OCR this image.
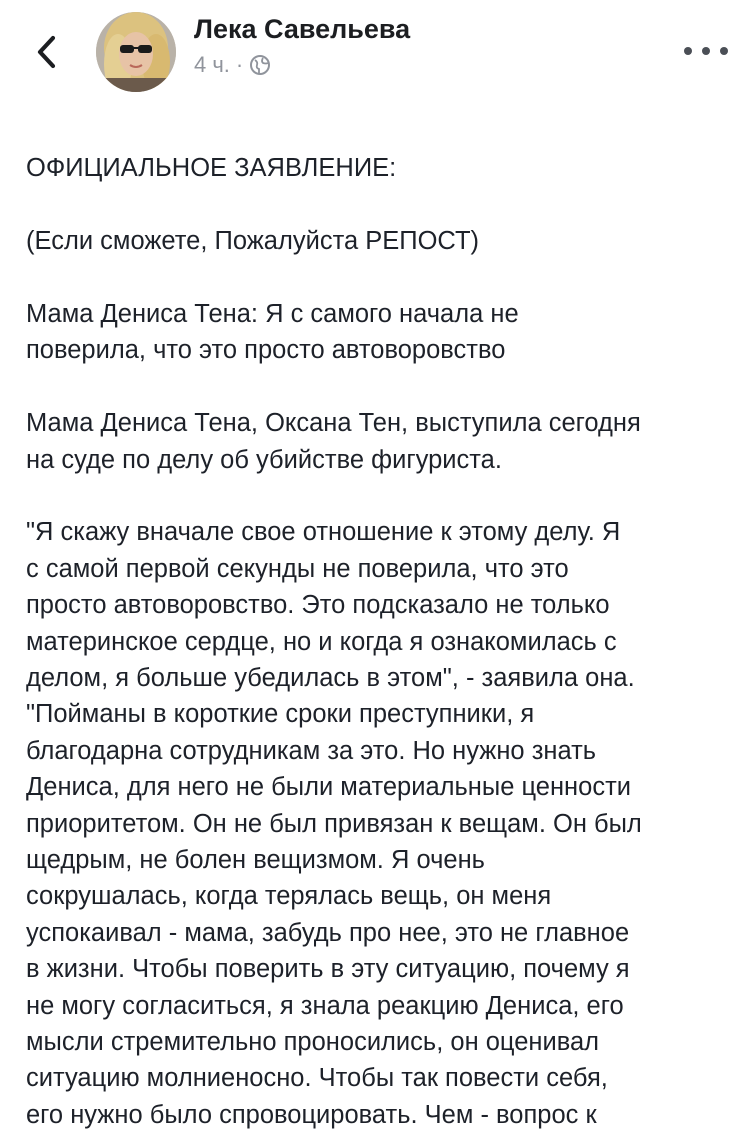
Лека Савельева
4 ч. ·

ОФИЦИАЛЬНОЕ ЗАЯВЛЕНИЕ:

(Если сможете, Пожалуйста РЕПОСТ)

Мама Дениса Тена: Я с самого начала не
поверила, что это просто автоворовство

Мама Дениса Тена, Оксана Тен, выступила сегодня
на суде по делу об убийстве фигуриста.

"Я скажу вначале свое отношение к этому делу. Я
с самой первой секунды не поверила, что это
просто автоворовство. Это подсказало не только
материнское сердце, но и когда я ознакомилась с
делом, я больше убедилась в этом", - заявила она.
"Пойманы в короткие сроки преступники, я
благодарна сотрудникам за это. Но нужно знать
Дениса, для него не были материальные ценности
приоритетом. Он не был привязан к вещам. Он был
щедрым, не болен вещизмом. Я очень
сокрушалась, когда терялась вещь, он меня
успокаивал - мама, забудь про нее, это не главное
в жизни. Чтобы поверить в эту ситуацию, почему я
не могу согласиться, я знала реакцию Дениса, его
мысли стремительно проносились, он оценивал
ситуацию молниеносно. Чтобы так повести себя,
его нужно было спровоцировать. Чем - вопрос к
